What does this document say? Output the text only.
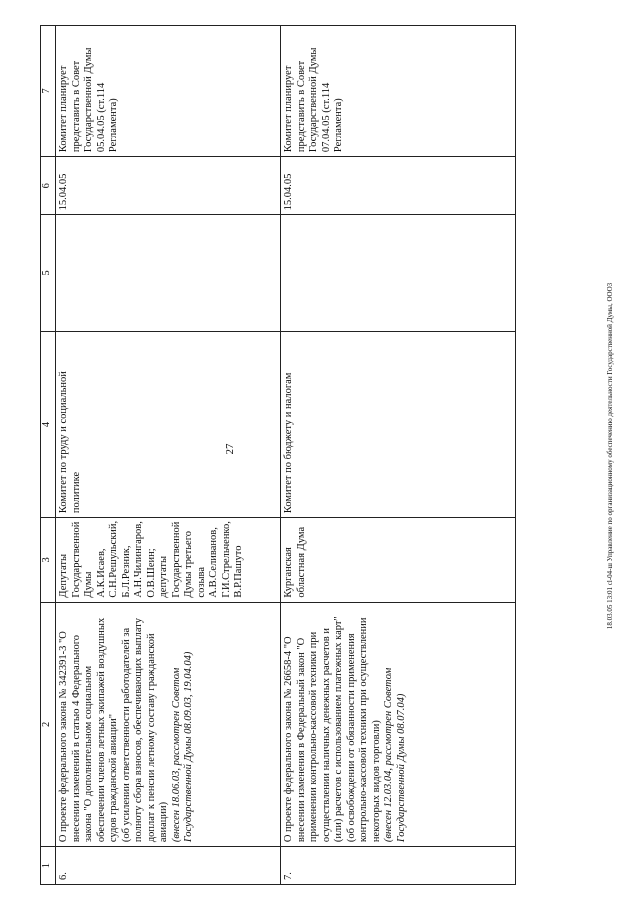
27	18.03.05 13:01 cl-04-ш Управление по организационному обеспечению деятельности Государственной Думы, ООО3
1	2	3	4	5	6	7
6.	О проекте федерального закона № 342391-3 "О внесении изменений в статью 4 Федерального закона "О дополнительном социальном обеспечении членов летных экипажей воздушных судов гражданской авиации" (об усилении ответственности работодателей за полноту сбора взносов, обеспечивающих выплату доплат к пенсии летному составу гражданской авиации) (внесен 18.06.03, рассмотрен Советом Государственной Думы 08.09.03, 19.04.04)	Депутаты Государственной Думы А.К.Исаев, С.Н.Решульский, Б.Л.Резник, А.Н.Чилингаров, О.В.Шеин; депутаты Государственной Думы третьего созыва А.В.Селиванов, Г.И.Стрельченко, В.Р.Пашуто	Комитет по труду и социальной политике		15.04.05	Комитет планирует представить в Совет Государственной Думы 05.04.05 (ст.114 Регламента)
7.	О проекте федерального закона № 26658-4 "О внесении изменения в Федеральный закон "О применении контрольно-кассовой техники при осуществлении наличных денежных расчетов и (или) расчетов с использованием платежных карт" (об освобождении от обязанности применения контрольно-кассовой техники при осуществлении некоторых видов торговли) (внесен 12.03.04, рассмотрен Советом Государственной Думы 08.07.04)	Курганская областная Дума	Комитет по бюджету и налогам		15.04.05	Комитет планирует представить в Совет Государственной Думы 07.04.05 (ст.114 Регламента)
